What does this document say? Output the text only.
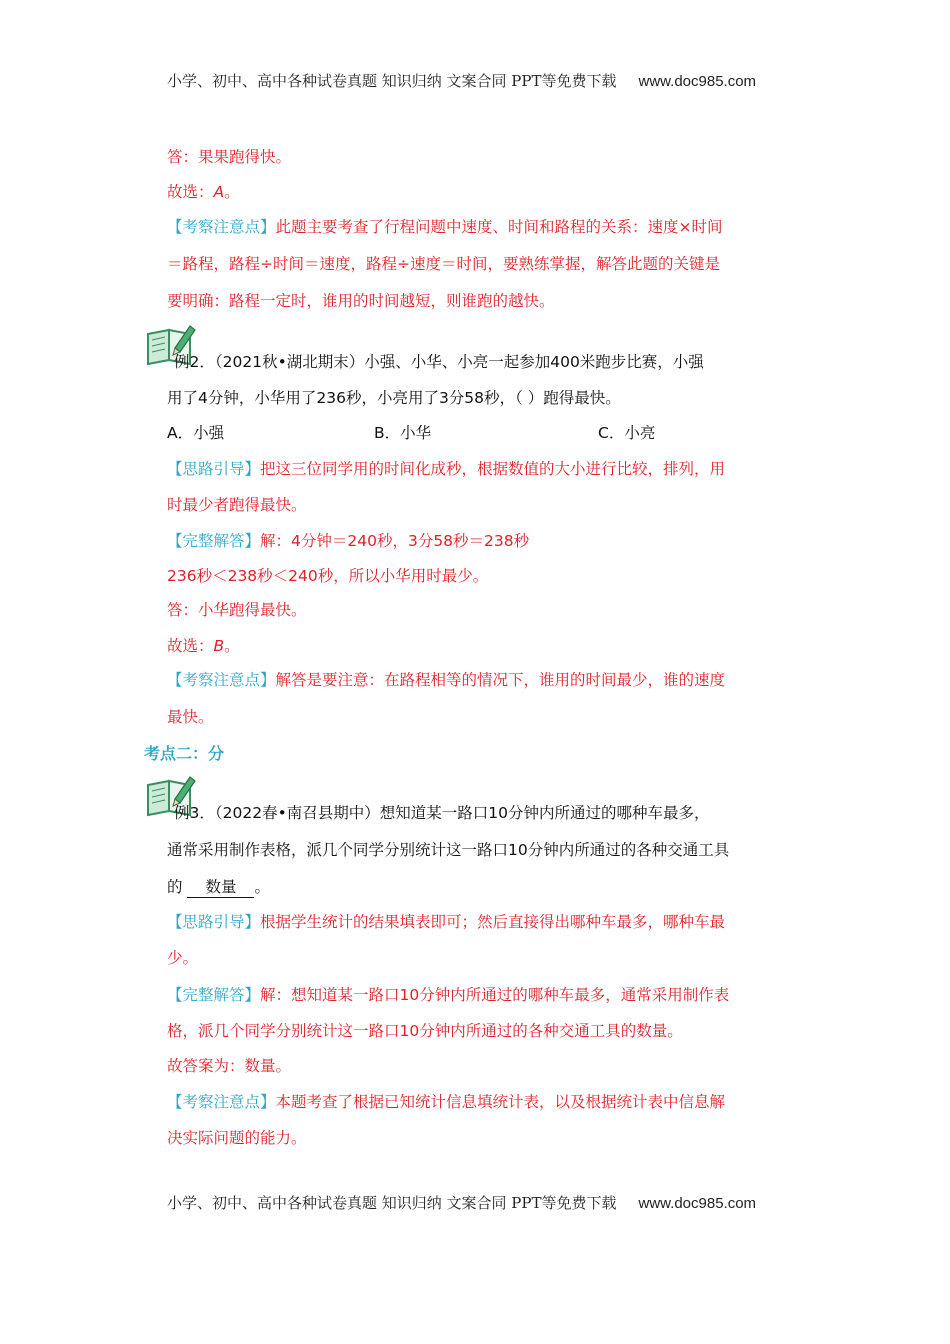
小学、初中、高中各种试卷真题 知识归纳 文案合同 PPT等免费下载 www.doc985.com
答：果果跑得快。
故选：A。
【考察注意点】此题主要考查了行程问题中速度、时间和路程的关系：速度×时间
＝路程，路程÷时间＝速度，路程÷速度＝时间，要熟练掌握，解答此题的关键是
要明确：路程一定时，谁用的时间越短，则谁跑的越快。
例2．（2021秋•湖北期末）小强、小华、小亮一起参加400米跑步比赛，小强
用了4分钟，小华用了236秒，小亮用了3分58秒，（ ）跑得最快。
A．小强	B．小华	C．小亮
【思路引导】把这三位同学用的时间化成秒，根据数值的大小进行比较，排列，用
时最少者跑得最快。
【完整解答】解：4分钟＝240秒，3分58秒＝238秒
236秒＜238秒＜240秒，所以小华用时最少。
答：小华跑得最快。
故选：B。
【考察注意点】解答是要注意：在路程相等的情况下，谁用的时间最少，谁的速度
最快。
考点二：分
例3．（2022春•南召县期中）想知道某一路口10分钟内所通过的哪种车最多，
通常采用制作表格，派几个同学分别统计这一路口10分钟内所通过的各种交通工具
的 数量 。
【思路引导】根据学生统计的结果填表即可；然后直接得出哪种车最多，哪种车最
少。
【完整解答】解：想知道某一路口10分钟内所通过的哪种车最多，通常采用制作表
格，派几个同学分别统计这一路口10分钟内所通过的各种交通工具的数量。
故答案为：数量。
【考察注意点】本题考查了根据已知统计信息填统计表，以及根据统计表中信息解
决实际问题的能力。
小学、初中、高中各种试卷真题 知识归纳 文案合同 PPT等免费下载 www.doc985.com
